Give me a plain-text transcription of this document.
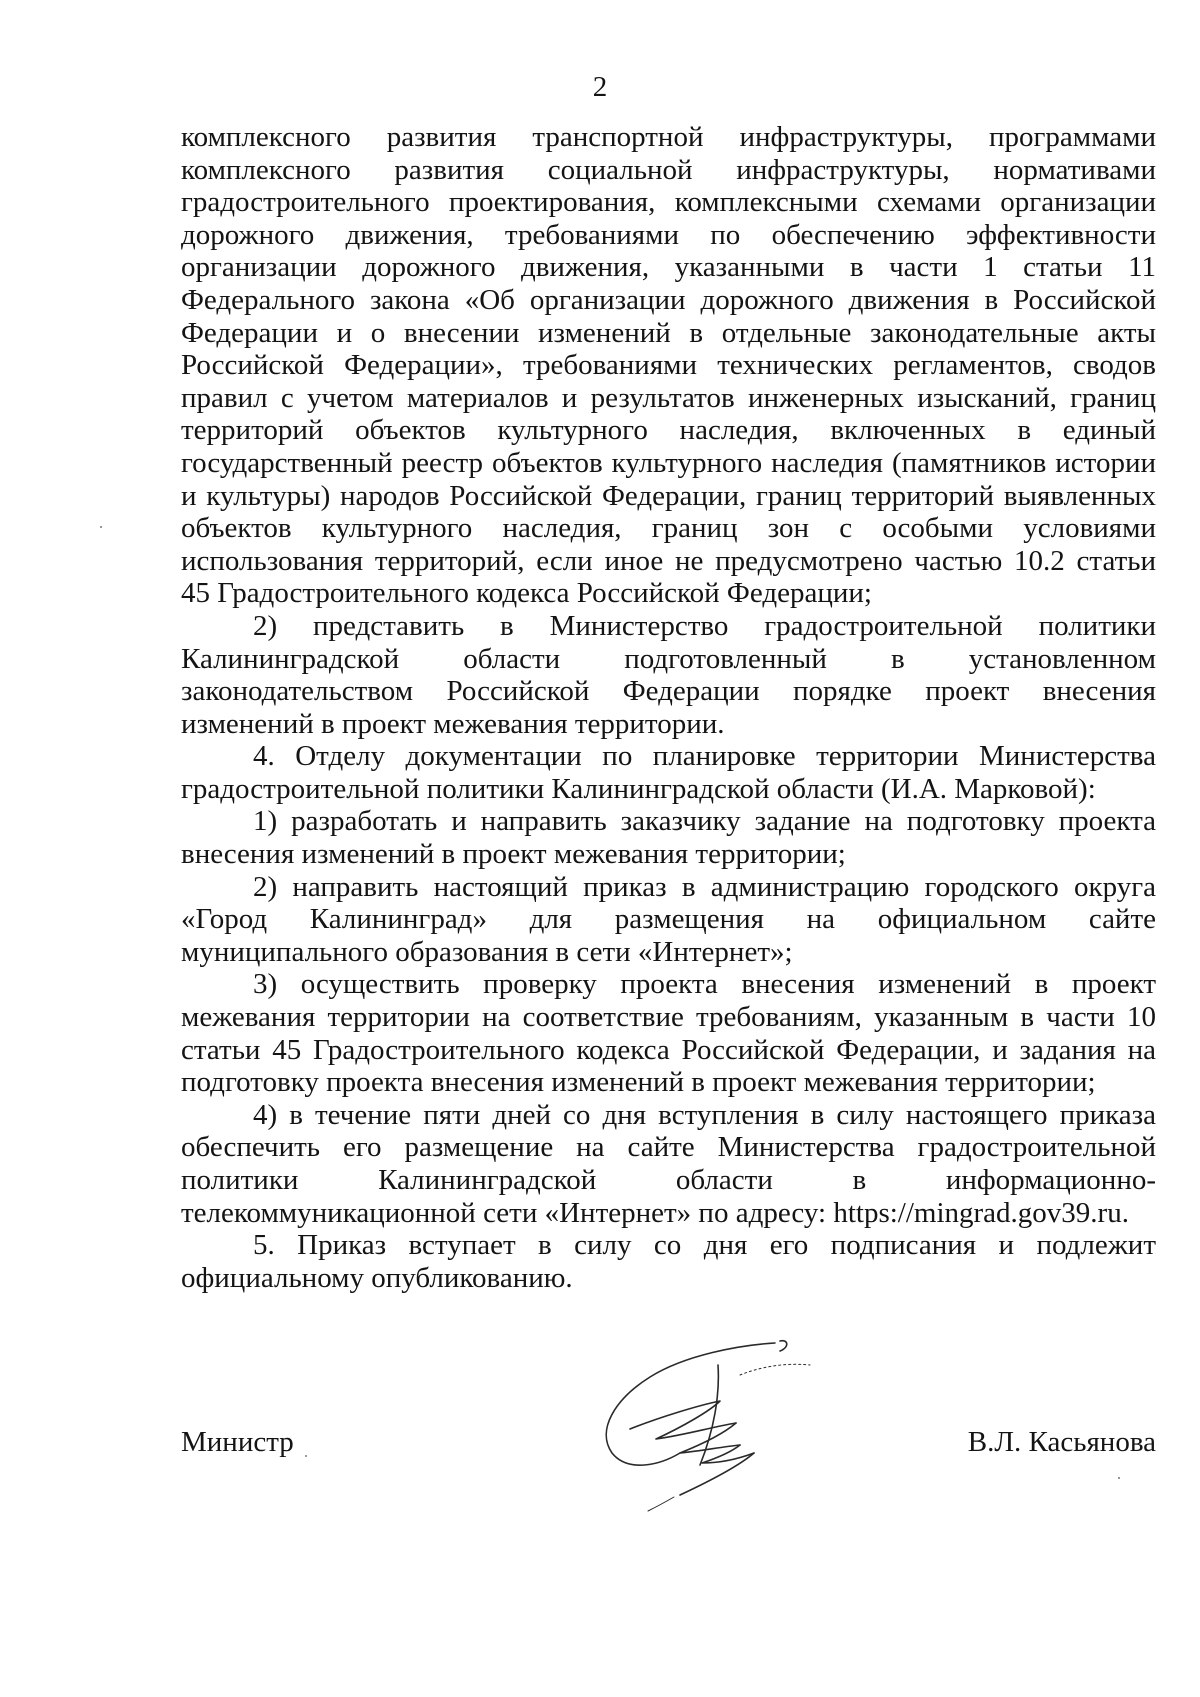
2

комплексного развития транспортной инфраструктуры, программами комплексного развития социальной инфраструктуры, нормативами градостроительного проектирования, комплексными схемами организации дорожного движения, требованиями по обеспечению эффективности организации дорожного движения, указанными в части 1 статьи 11 Федерального закона «Об организации дорожного движения в Российской Федерации и о внесении изменений в отдельные законодательные акты Российской Федерации», требованиями технических регламентов, сводов правил с учетом материалов и результатов инженерных изысканий, границ территорий объектов культурного наследия, включенных в единый государственный реестр объектов культурного наследия (памятников истории и культуры) народов Российской Федерации, границ территорий выявленных объектов культурного наследия, границ зон с особыми условиями использования территорий, если иное не предусмотрено частью 10.2 статьи 45 Градостроительного кодекса Российской Федерации;

2) представить в Министерство градостроительной политики Калининградской области подготовленный в установленном законодательством Российской Федерации порядке проект внесения изменений в проект межевания территории.

4. Отделу документации по планировке территории Министерства градостроительной политики Калининградской области (И.А. Марковой):

1) разработать и направить заказчику задание на подготовку проекта внесения изменений в проект межевания территории;

2) направить настоящий приказ в администрацию городского округа «Город Калининград» для размещения на официальном сайте муниципального образования в сети «Интернет»;

3) осуществить проверку проекта внесения изменений в проект межевания территории на соответствие требованиям, указанным в части 10 статьи 45 Градостроительного кодекса Российской Федерации, и задания на подготовку проекта внесения изменений в проект межевания территории;

4) в течение пяти дней со дня вступления в силу настоящего приказа обеспечить его размещение на сайте Министерства градостроительной политики Калининградской области в информационно-телекоммуникационной сети «Интернет» по адресу: https://mingrad.gov39.ru.

5. Приказ вступает в силу со дня его подписания и подлежит официальному опубликованию.

Министр	В.Л. Касьянова
